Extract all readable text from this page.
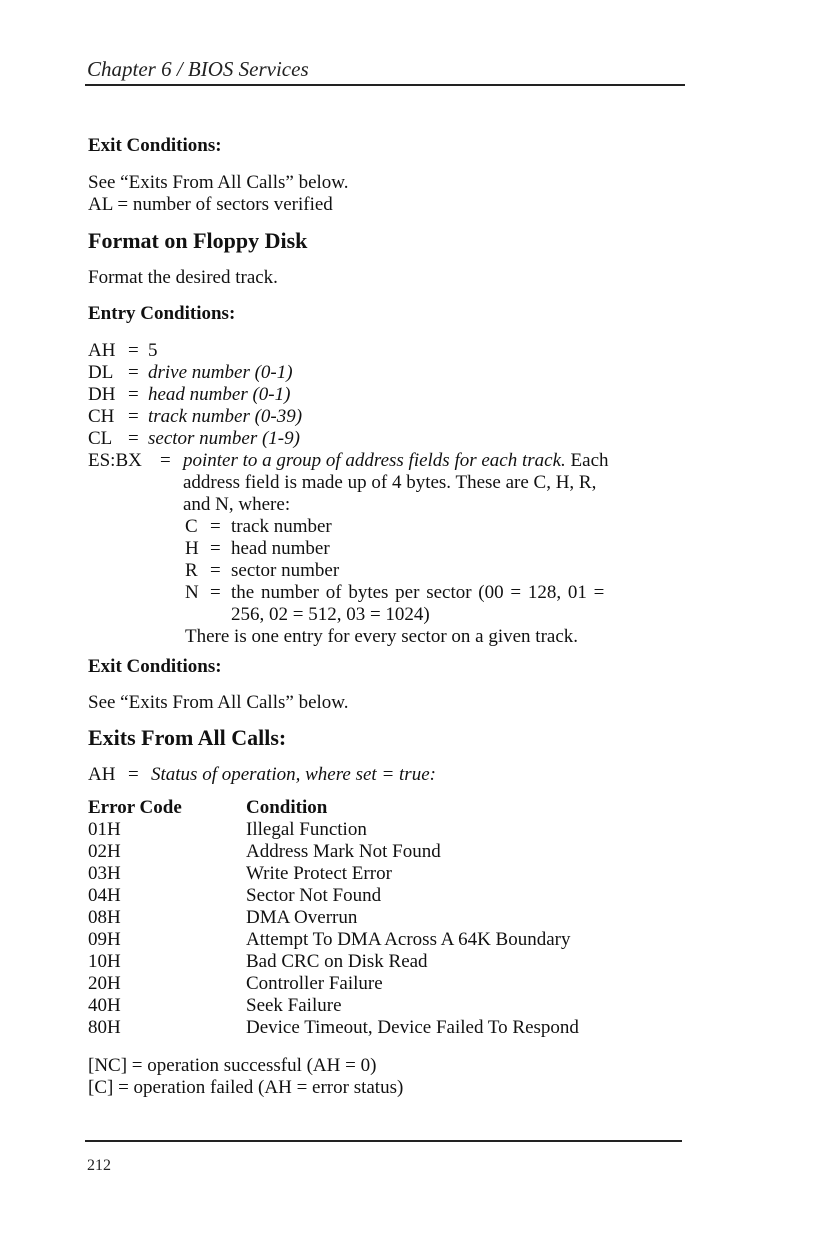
Chapter 6 / BIOS Services
Exit Conditions:
See “Exits From All Calls” below.
AL = number of sectors verified
Format on Floppy Disk
Format the desired track.
Entry Conditions:
AH = 5
DL = drive number (0-1)
DH = head number (0-1)
CH = track number (0-39)
CL = sector number (1-9)
ES:BX = pointer to a group of address fields for each track. Each
address field is made up of 4 bytes. These are C, H, R,
and N, where:
C = track number
H = head number
R = sector number
N = the number of bytes per sector (00 = 128, 01 =
256, 02 = 512, 03 = 1024)
There is one entry for every sector on a given track.
Exit Conditions:
See “Exits From All Calls” below.
Exits From All Calls:
AH = Status of operation, where set = true:
Error Code	Condition
01H	Illegal Function
02H	Address Mark Not Found
03H	Write Protect Error
04H	Sector Not Found
08H	DMA Overrun
09H	Attempt To DMA Across A 64K Boundary
10H	Bad CRC on Disk Read
20H	Controller Failure
40H	Seek Failure
80H	Device Timeout, Device Failed To Respond
[NC] = operation successful (AH = 0)
[C] = operation failed (AH = error status)
212
